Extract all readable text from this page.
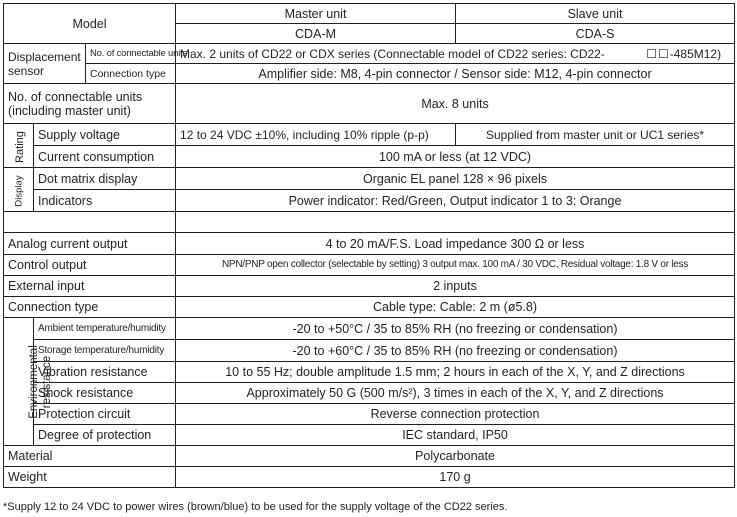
Model			Master unit	Slave unit
			CDA-M	CDA-S
Displacement
sensor		No. of connectable units	Max. 2 units of CD22 or CDX series (Connectable model of CD22 series: CD22- ☐☐-485M12)	
		Connection type	Amplifier side: M8, 4-pin connector / Sensor side: M12, 4-pin connector	
No. of connectable units
(including master unit)			Max. 8 units	
Rating	Supply voltage		12 to 24 VDC ±10%, including 10% ripple (p-p)	Supplied from master unit or UC1 series*
	Current consumption		100 mA or less (at 12 VDC)	
Display	Dot matrix display		Organic EL panel 128 × 96 pixels	
	Indicators		Power indicator: Red/Green, Output indicator 1 to 3: Orange	

Analog current output			4 to 20 mA/F.S. Load impedance 300 Ω or less	
Control output			NPN/PNP open collector (selectable by setting) 3 output max. 100 mA / 30 VDC, Residual voltage: 1.8 V or less	
External input			2 inputs	
Connection type			Cable type: Cable: 2 m (ø5.8)	
Environmental
resistance	Ambient temperature/humidity		-20 to +50°C / 35 to 85% RH (no freezing or condensation)	
	Storage temperature/humidity		-20 to +60°C / 35 to 85% RH (no freezing or condensation)	
	Vibration resistance		10 to 55 Hz; double amplitude 1.5 mm; 2 hours in each of the X, Y, and Z directions	
	Shock resistance		Approximately 50 G (500 m/s²), 3 times in each of the X, Y, and Z directions	
	Protection circuit		Reverse connection protection	
	Degree of protection		IEC standard, IP50	
Material			Polycarbonate	
Weight			170 g	
*Supply 12 to 24 VDC to power wires (brown/blue) to be used for the supply voltage of the CD22 series.
